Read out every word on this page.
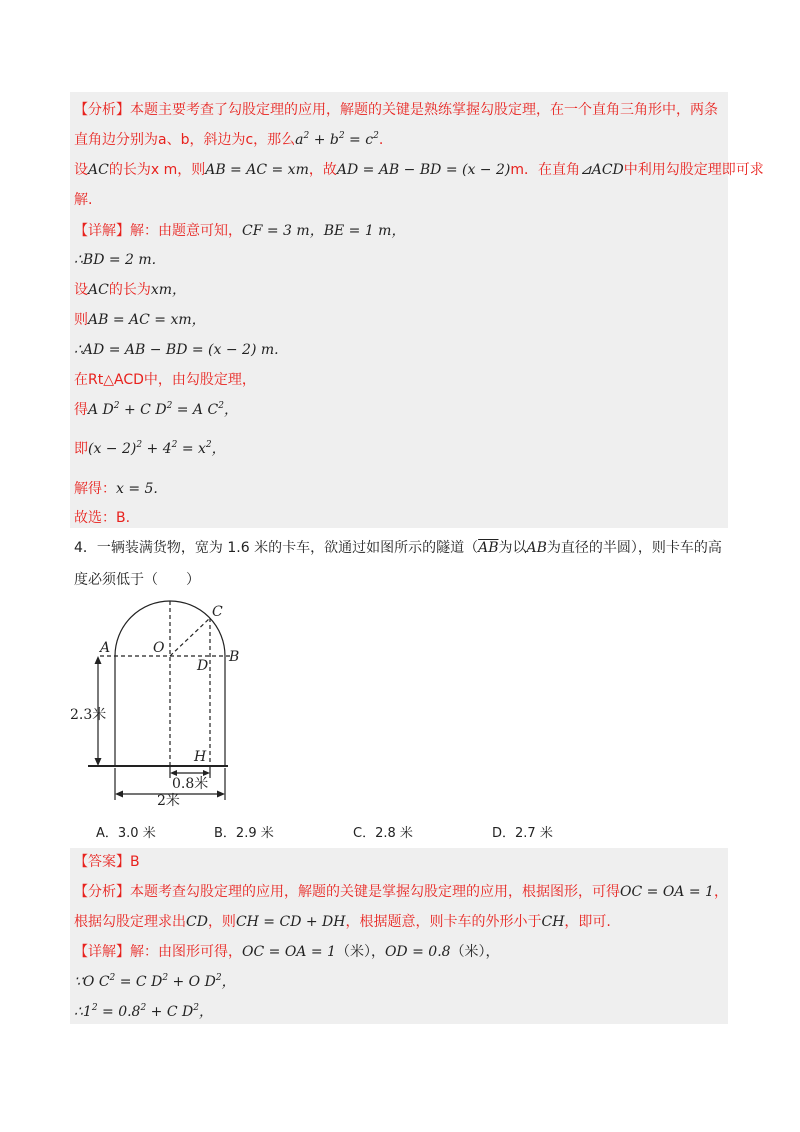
【分析】本题主要考查了勾股定理的应用，解题的关键是熟练掌握勾股定理，在一个直角三角形中，两条
直角边分别为a、b，斜边为c，那么$a^2 + b^2 = c^2$.
设AC的长为x m，则AB = AC = xm，故AD = AB − BD = (x − 2)m．在直角⊿ACD中利用勾股定理即可求
解.
【详解】解：由题意可知，CF = 3 m，BE = 1 m，
∴BD = 2 m.
设AC的长为xm，
则AB = AC = xm，
∴AD = AB − BD = (x − 2) m.
在Rt△ACD中，由勾股定理，
得A $D^2 + C$ $D^2 = A$ $C^2$，
即$(x - 2)^2 + 4^2 = x^2$，
解得：x = 5.
故选：B.
4．一辆装满货物，宽为 1.6 米的卡车，欲通过如图所示的隧道（$\overline{AB}$为以AB为直径的半圆），则卡车的高
度必须低于（　　）
A
B
C
O
D
H
2.3米
0.8米
2米
A．3.0 米	B．2.9 米	C．2.8 米	D．2.7 米
【答案】B
【分析】本题考查勾股定理的应用，解题的关键是掌握勾股定理的应用，根据图形，可得OC = OA = 1，
根据勾股定理求出CD，则CH = CD + DH，根据题意，则卡车的外形小于CH，即可.
【详解】解：由图形可得，OC = OA = 1（米），OD = 0.8（米），
∵O $C^2 = C$ $D^2 + O$ $D^2$，
$\therefore 1^2 = 0.8^2 + C$ $D^2$，
